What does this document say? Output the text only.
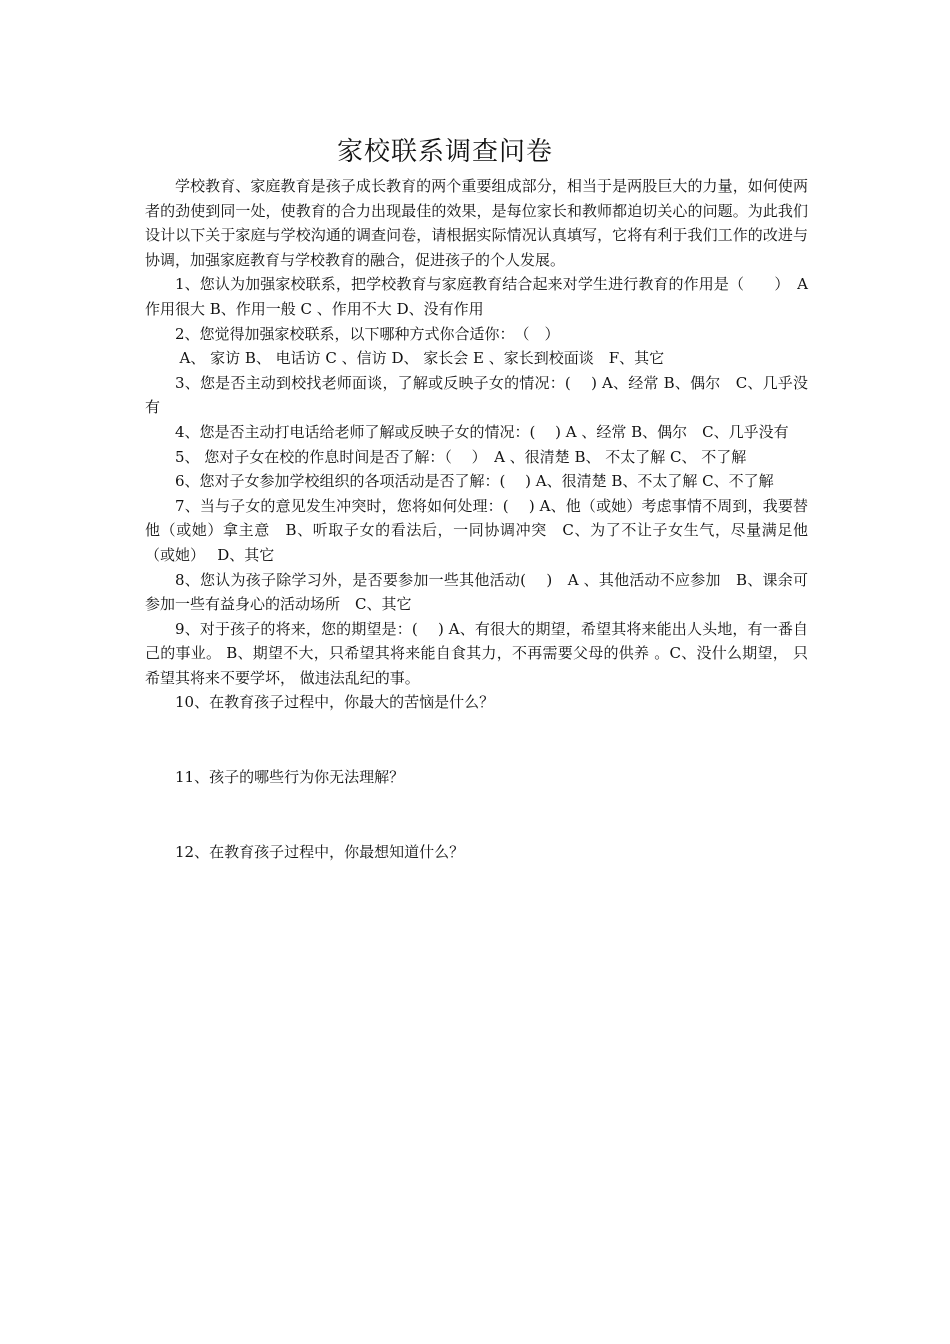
家校联系调查问卷

学校教育、家庭教育是孩子成长教育的两个重要组成部分，相当于是两股巨大的力量，如何使两者的劲使到同一处，使教育的合力出现最佳的效果，是每位家长和教师都迫切关心的问题。为此我们设计以下关于家庭与学校沟通的调查问卷，请根据实际情况认真填写，它将有利于我们工作的改进与协调，加强家庭教育与学校教育的融合，促进孩子的个人发展。

1、您认为加强家校联系，把学校教育与家庭教育结合起来对学生进行教育的作用是（　　）　A 作用很大 B、作用一般 C 、作用不大 D、没有作用

2、您觉得加强家校联系，以下哪种方式你合适你：　（　）

A、 家访 B、 电话访 C 、信访 D、 家长会 E 、家长到校面谈　F、其它

3、您是否主动到校找老师面谈，了解或反映子女的情况：(　 ) A、经常 B、偶尔　C、几乎没有

4、您是否主动打电话给老师了解或反映子女的情况：(　 ) A 、经常 B、偶尔　C、几乎没有

5、 您对子女在校的作息时间是否了解：（　 ）　A 、很清楚 B、 不太了解 C、 不了解

6、您对子女参加学校组织的各项活动是否了解：(　 ) A、很清楚 B、不太了解 C、不了解

7、当与子女的意见发生冲突时，您将如何处理：(　 ) A、他（或她）考虑事情不周到，我要替他（或她）拿主意　B、听取子女的看法后，一同协调冲突　C、为了不让子女生气，尽量满足他（或她）　 D、其它

8、您认为孩子除学习外，是否要参加一些其他活动(　 )　A 、其他活动不应参加　B、课余可参加一些有益身心的活动场所　C、其它

9、对于孩子的将来，您的期望是：(　 ) A、有很大的期望，希望其将来能出人头地，有一番自己的事业。 B、期望不大，只希望其将来能自食其力，不再需要父母的供养 。C、没什么期望， 只希望其将来不要学坏， 做违法乱纪的事。

10、在教育孩子过程中，你最大的苦恼是什么？

11、孩子的哪些行为你无法理解？

12、在教育孩子过程中，你最想知道什么？
